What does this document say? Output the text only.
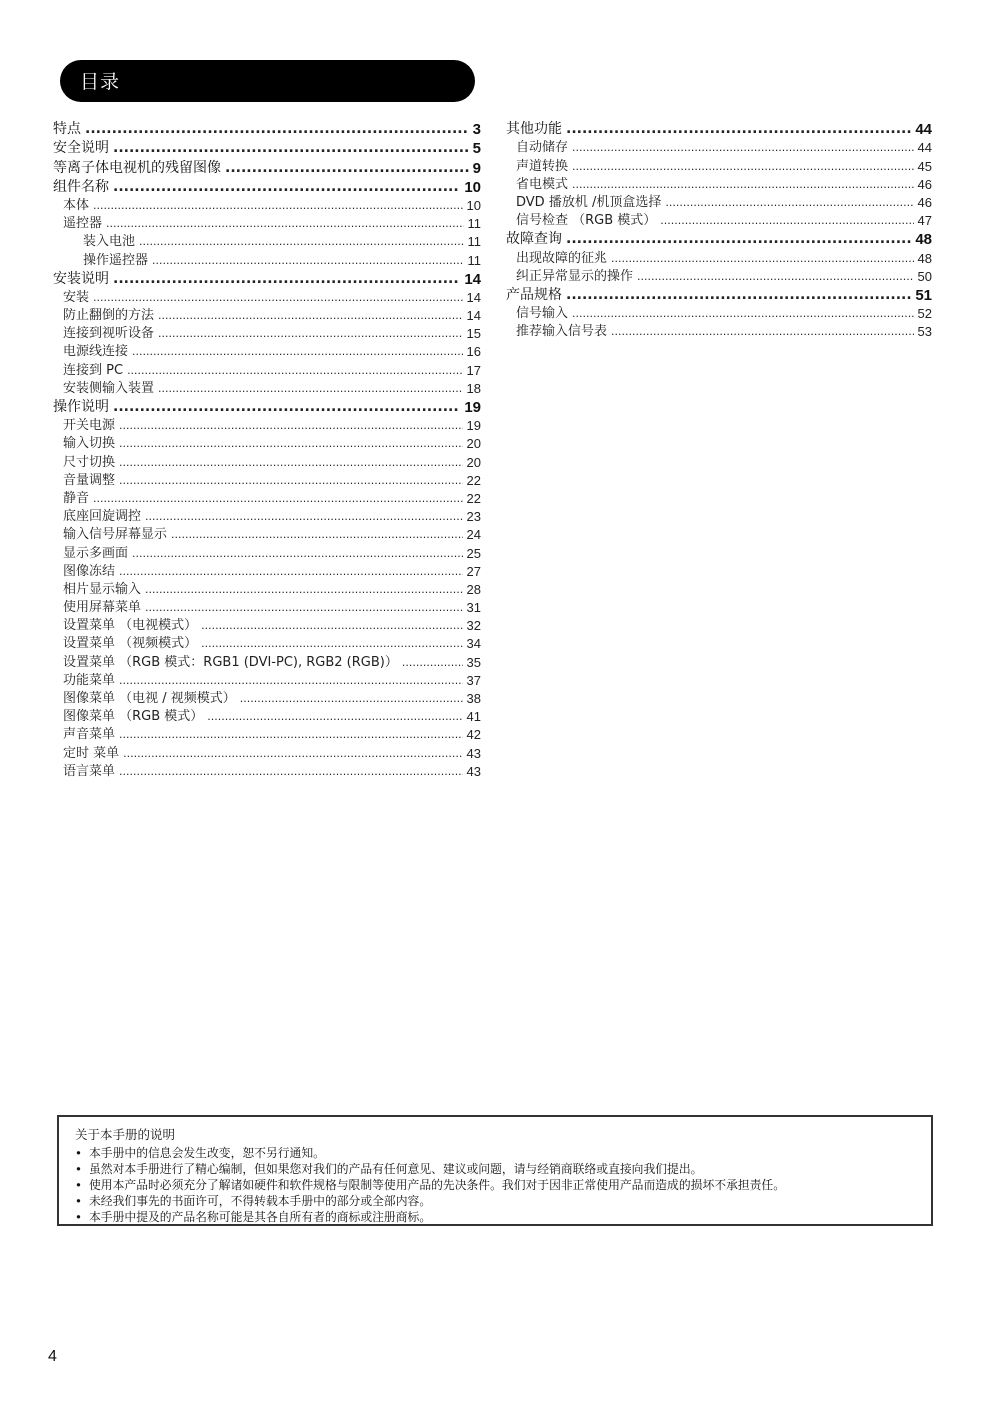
目录
特点 .....	3
安全说明 .....	5
等离子体电视机的残留图像 .....	9
组件名称 .....	10
本体 .....	10
遥控器 .....	11
装入电池 .....	11
操作遥控器 .....	11
安装说明 .....	14
安装 .....	14
防止翻倒的方法 .....	14
连接到视听设备 .....	15
电源线连接 .....	16
连接到 PC .....	17
安装侧输入装置 .....	18
操作说明 .....	19
开关电源 .....	19
输入切换 .....	20
尺寸切换 .....	20
音量调整 .....	22
静音 .....	22
底座回旋调控 .....	23
输入信号屏幕显示 .....	24
显示多画面 .....	25
图像冻结 .....	27
相片显示输入 .....	28
使用屏幕菜单 .....	31
设置菜单 （电视模式） .....	32
设置菜单 （视频模式） .....	34
设置菜单 （RGB 模式：RGB1 (DVI-PC), RGB2 (RGB)） .....	35
功能菜单 .....	37
图像菜单 （电视 / 视频模式） .....	38
图像菜单 （RGB 模式） .....	41
声音菜单 .....	42
定时 菜单 .....	43
语言菜单 .....	43
其他功能 .....	44
自动储存 .....	44
声道转换 .....	45
省电模式 .....	46
DVD 播放机 /机顶盒选择 .....	46
信号检查 （RGB 模式） .....	47
故障查询 .....	48
出现故障的征兆 .....	48
纠正异常显示的操作 .....	50
产品规格 .....	51
信号输入 .....	52
推荐输入信号表 .....	53
关于本手册的说明
• 本手册中的信息会发生改变，恕不另行通知。
• 虽然对本手册进行了精心编制，但如果您对我们的产品有任何意见、建议或问题，请与经销商联络或直接向我们提出。
• 使用本产品时必须充分了解诸如硬件和软件规格与限制等使用产品的先决条件。我们对于因非正常使用产品而造成的损坏不承担责任。
• 未经我们事先的书面许可，不得转载本手册中的部分或全部内容。
• 本手册中提及的产品名称可能是其各自所有者的商标或注册商标。
4
